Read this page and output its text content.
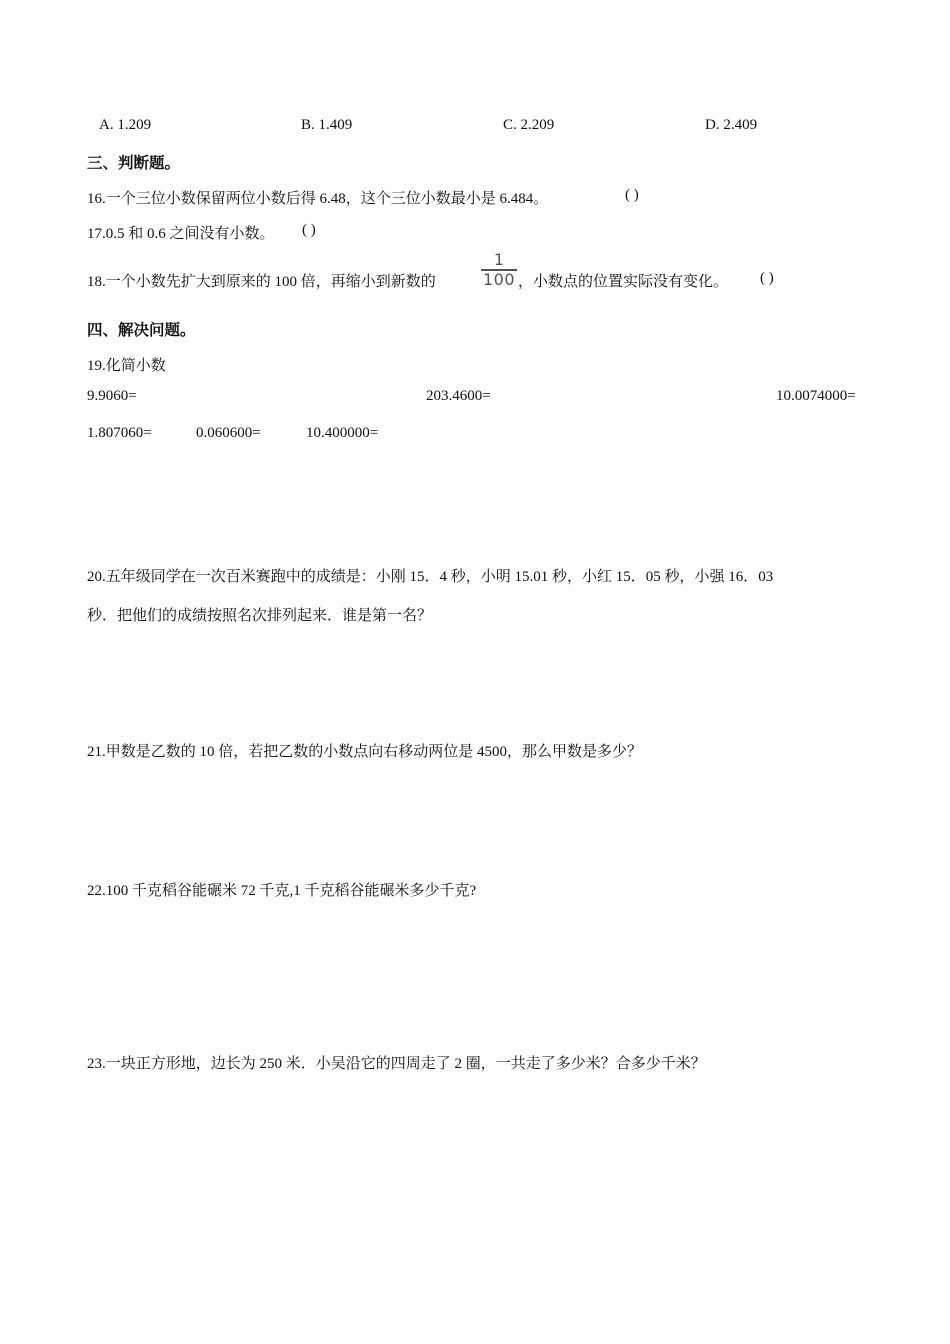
A. 1.209	B. 1.409	C. 2.209	D. 2.409
三、判断题。
16.一个三位小数保留两位小数后得 6.48，这个三位小数最小是 6.484。	( )
17.0.5 和 0.6 之间没有小数。 ( )
18.一个小数先扩大到原来的 100 倍，再缩小到新数的
1
100 ，小数点的位置实际没有变化。 ( )
四、解决问题。
19.化简小数
9.9060=	203.4600=	10.0074000=
1.807060=	0.060600=	10.400000=
20.五年级同学在一次百米赛跑中的成绩是：小刚 15．4 秒，小明 15.01 秒，小红 15．05 秒，小强 16．03
秒．把他们的成绩按照名次排列起来．谁是第一名？
21.甲数是乙数的 10 倍，若把乙数的小数点向右移动两位是 4500，那么甲数是多少？
22.100 千克稻谷能碾米 72 千克,1 千克稻谷能碾米多少千克?
23.一块正方形地，边长为 250 米．小吴沿它的四周走了 2 圈，一共走了多少米？合多少千米？
